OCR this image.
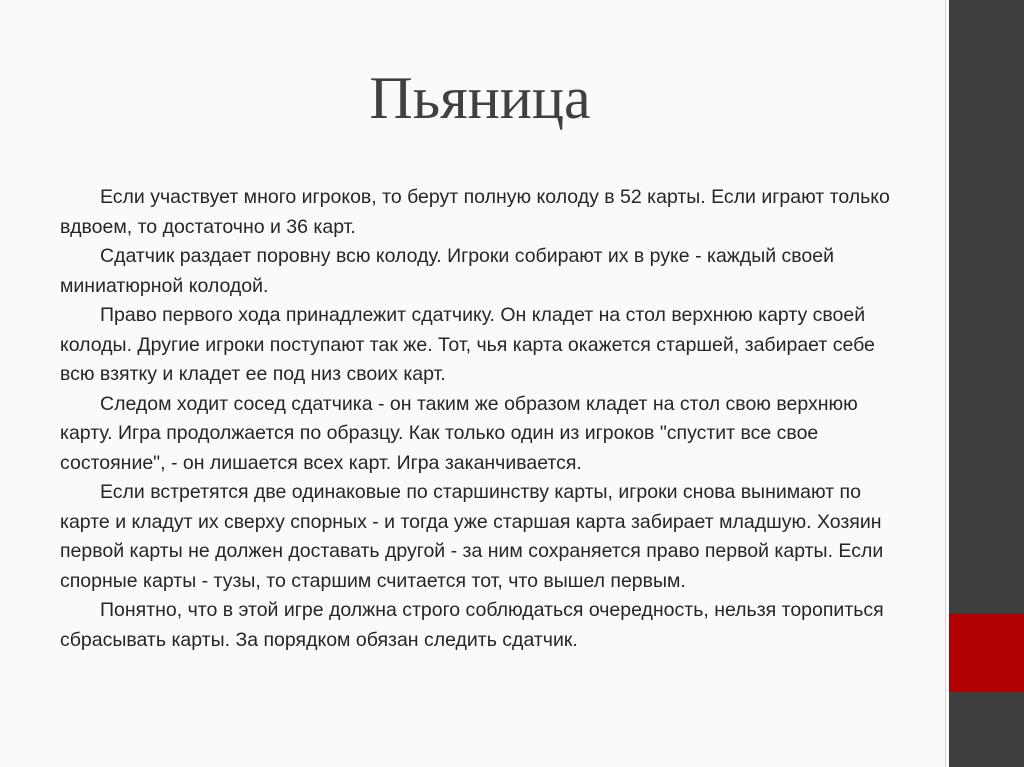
Пьяница

Если участвует много игроков, то берут полную колоду в 52 карты. Если играют только вдвоем, то достаточно и 36 карт.

Сдатчик раздает поровну всю колоду. Игроки собирают их в руке - каждый своей миниатюрной колодой.

Право первого хода принадлежит сдатчику. Он кладет на стол верхнюю карту своей колоды. Другие игроки поступают так же. Тот, чья карта окажется старшей, забирает себе всю взятку и кладет ее под низ своих карт.

Следом ходит сосед сдатчика - он таким же образом кладет на стол свою верхнюю карту. Игра продолжается по образцу. Как только один из игроков "спустит все свое состояние", - он лишается всех карт. Игра заканчивается.

Если встретятся две одинаковые по старшинству карты, игроки снова вынимают по карте и кладут их сверху спорных - и тогда уже старшая карта забирает младшую. Хозяин первой карты не должен доставать другой - за ним сохраняется право первой карты. Если спорные карты - тузы, то старшим считается тот, что вышел первым.

Понятно, что в этой игре должна строго соблюдаться очередность, нельзя торопиться сбрасывать карты. За порядком обязан следить сдатчик.
